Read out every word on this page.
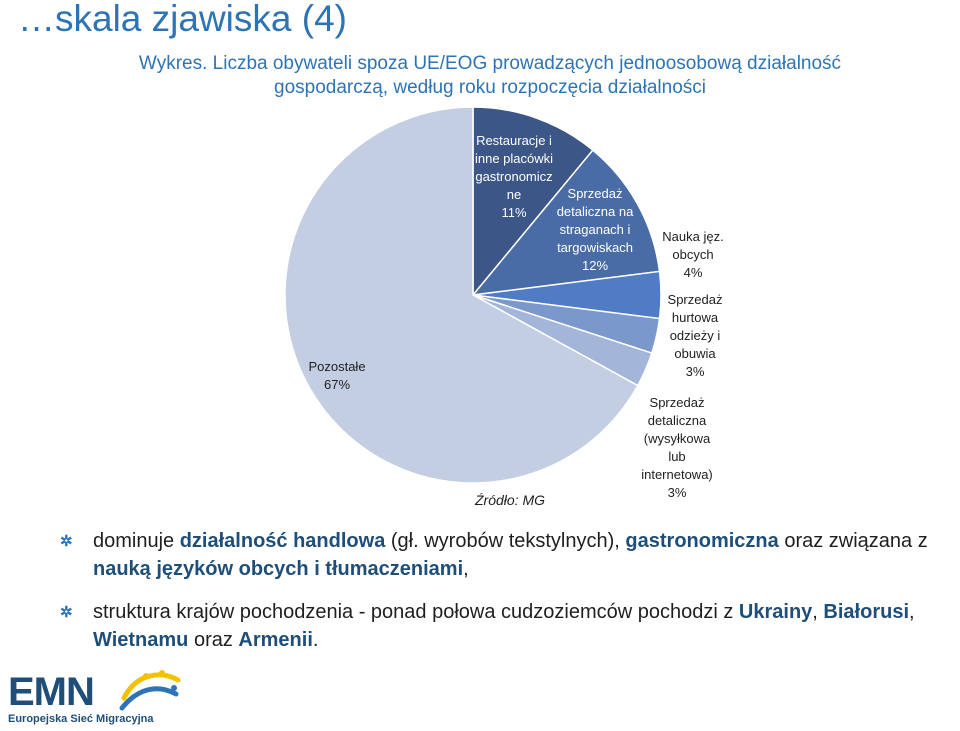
…skala zjawiska (4)
Wykres. Liczba obywateli spoza UE/EOG prowadzących jednoosobową działalność gospodarczą, według roku rozpoczęcia działalności
Restauracje i
inne placówki
gastronomicz
ne
11%
Sprzedaż
detaliczna na
straganach i
targowiskach
12%
Nauka jęz.
obcych
4%
Sprzedaż
hurtowa
odzieży i
obuwia
3%
Sprzedaż
detaliczna
(wysyłkowa
lub
internetowa)
3%
Pozostałe
67%
Źródło: MG
✲	dominuje działalność handlowa (gł. wyrobów tekstylnych), gastronomiczna oraz związana z nauką języków obcych i tłumaczeniami,
✲	struktura krajów pochodzenia - ponad połowa cudzoziemców pochodzi z Ukrainy, Białorusi, Wietnamu oraz Armenii.
EMN
Europejska Sieć Migracyjna
